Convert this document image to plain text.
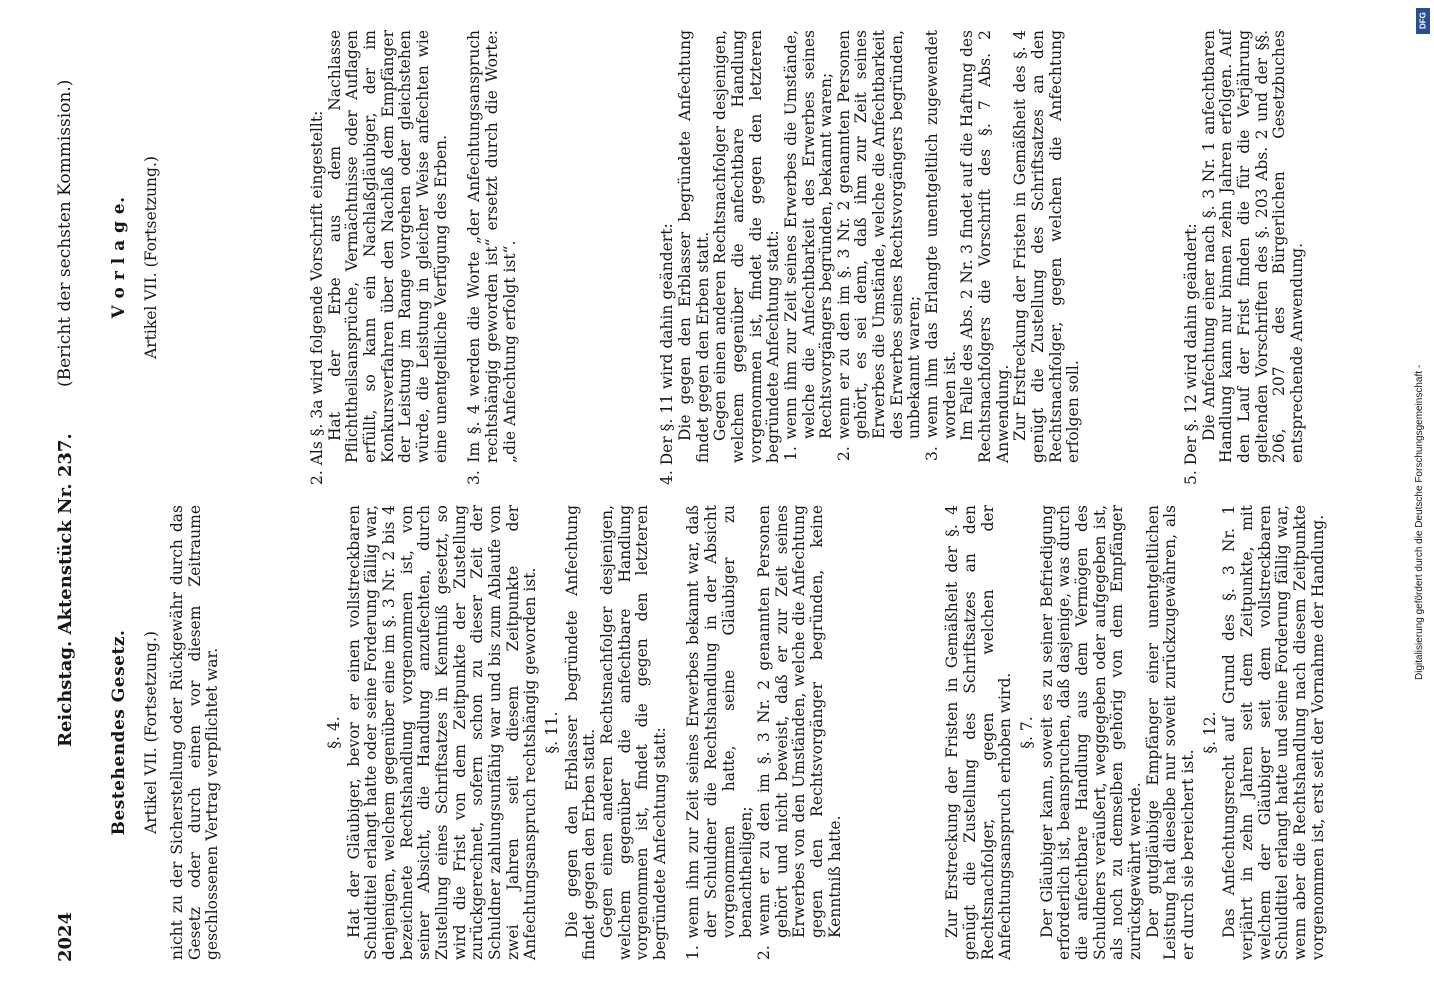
2024
Reichstag. Aktenstück Nr. 237.
(Bericht der sechsten Kommission.)
Bestehendes Gesetz. Artikel VII. (Fortsetzung.) nicht zu der Sicherstellung oder Rückgewähr durch das Gesetz oder durch einen vor diesem Zeitraume geschlossenen Vertrag verpflichtet war.	§. 4. Hat der Gläubiger, bevor er einen vollstreckbaren Schuldtitel erlangt hatte oder seine Forderung fällig war, denjenigen, welchem gegenüber eine im §. 3 Nr. 2 bis 4 bezeichnete Rechtshandlung vorgenommen ist, von seiner Absicht, die Handlung anzufechten, durch Zustellung eines Schriftsatzes in Kenntniß gesetzt, so wird die Frist von dem Zeitpunkte der Zustellung zurückgerechnet, sofern schon zu dieser Zeit der Schuldner zahlungsunfähig war und bis zum Ablaufe von zwei Jahren seit diesem Zeitpunkte der Anfechtungsanspruch rechtshängig geworden ist. §. 11. Die gegen den Erblasser begründete Anfechtung findet gegen den Erben statt. Gegen einen anderen Rechtsnachfolger desjenigen, welchem gegenüber die anfechtbare Handlung vorgenommen ist, findet die gegen den letzteren begründete Anfechtung statt: 1. wenn ihm zur Zeit seines Erwerbes bekannt war, daß der Schuldner die Rechtshandlung in der Absicht vorgenommen hatte, seine Gläubiger zu benachtheiligen; 2. wenn er zu den im §. 3 Nr. 2 genannten Personen gehört und nicht beweist, daß er zur Zeit seines Erwerbes von den Umständen, welche die Anfechtung gegen den Rechtsvorgänger begründen, keine Kenntniß hatte.	Zur Erstreckung der Fristen in Gemäßheit der §. 4 genügt die Zustellung des Schriftsatzes an den Rechtsnachfolger, gegen welchen der Anfechtungsanspruch erhoben wird. §. 7. Der Gläubiger kann, soweit es zu seiner Befriedigung erforderlich ist, beanspruchen, daß dasjenige, was durch die anfechtbare Handlung aus dem Vermögen des Schuldners veräußert, weggegeben oder aufgegeben ist, als noch zu demselben gehörig von dem Empfänger zurückgewährt werde. Der gutgläubige Empfänger einer unentgeltlichen Leistung hat dieselbe nur soweit zurückzugewähren, als er durch sie bereichert ist.

§. 12. Das Anfechtungsrecht auf Grund des §. 3 Nr. 1 verjährt in zehn Jahren seit dem Zeitpunkte, mit welchem der Gläubiger seit dem vollstreckbaren Schuldtitel erlangt hatte und seine Forderung fällig war, wenn aber die Rechtshandlung nach diesem Zeitpunkte vorgenommen ist, erst seit der Vornahme der Handlung.

V o r l a g e. Artikel VII. (Fortsetzung.)	2. Als §. 3a wird folgende Vorschrift eingestellt: Hat der Erbe aus dem Nachlasse Pflichttheilsansprüche, Vermächtnisse oder Auflagen erfüllt, so kann ein Nachlaßgläubiger, der im Konkursverfahren über den Nachlaß dem Empfänger der Leistung im Range vorgehen oder gleichstehen würde, die Leistung in gleicher Weise anfechten wie eine unentgeltliche Verfügung des Erben. 3. Im §. 4 werden die Worte „der Anfechtungsanspruch rechtshängig geworden ist“ ersetzt durch die Worte: „die Anfechtung erfolgt ist“.	4. Der §. 11 wird dahin geändert: Die gegen den Erblasser begründete Anfechtung findet gegen den Erben statt. Gegen einen anderen Rechtsnachfolger desjenigen, welchem gegenüber die anfechtbare Handlung vorgenommen ist, findet die gegen den letzteren begründete Anfechtung statt: 1. wenn ihm zur Zeit seines Erwerbes die Umstände, welche die Anfechtbarkeit des Erwerbes seines Rechtsvorgängers begründen, bekannt waren; 2. wenn er zu den im §. 3 Nr. 2 genannten Personen gehört, es sei denn, daß ihm zur Zeit seines Erwerbes die Umstände, welche die Anfechtbarkeit des Erwerbes seines Rechtsvorgängers begründen, unbekannt waren; 3. wenn ihm das Erlangte unentgeltlich zugewendet worden ist. Im Falle des Abs. 2 Nr. 3 findet auf die Haftung des Rechtsnachfolgers die Vorschrift des §. 7 Abs. 2 Anwendung. Zur Erstreckung der Fristen in Gemäßheit des §. 4 genügt die Zustellung des Schriftsatzes an den Rechtsnachfolger, gegen welchen die Anfechtung erfolgen soll.	5. Der §. 12 wird dahin geändert: Die Anfechtung einer nach §. 3 Nr. 1 anfechtbaren Handlung kann nur binnen zehn Jahren erfolgen. Auf den Lauf der Frist finden die für die Verjährung geltenden Vorschriften des §. 203 Abs. 2 und der §§. 206, 207 des Bürgerlichen Gesetzbuches entsprechende Anwendung.

DFG
Digitalisierung gefördert durch die Deutsche Forschungsgemeinschaft -
